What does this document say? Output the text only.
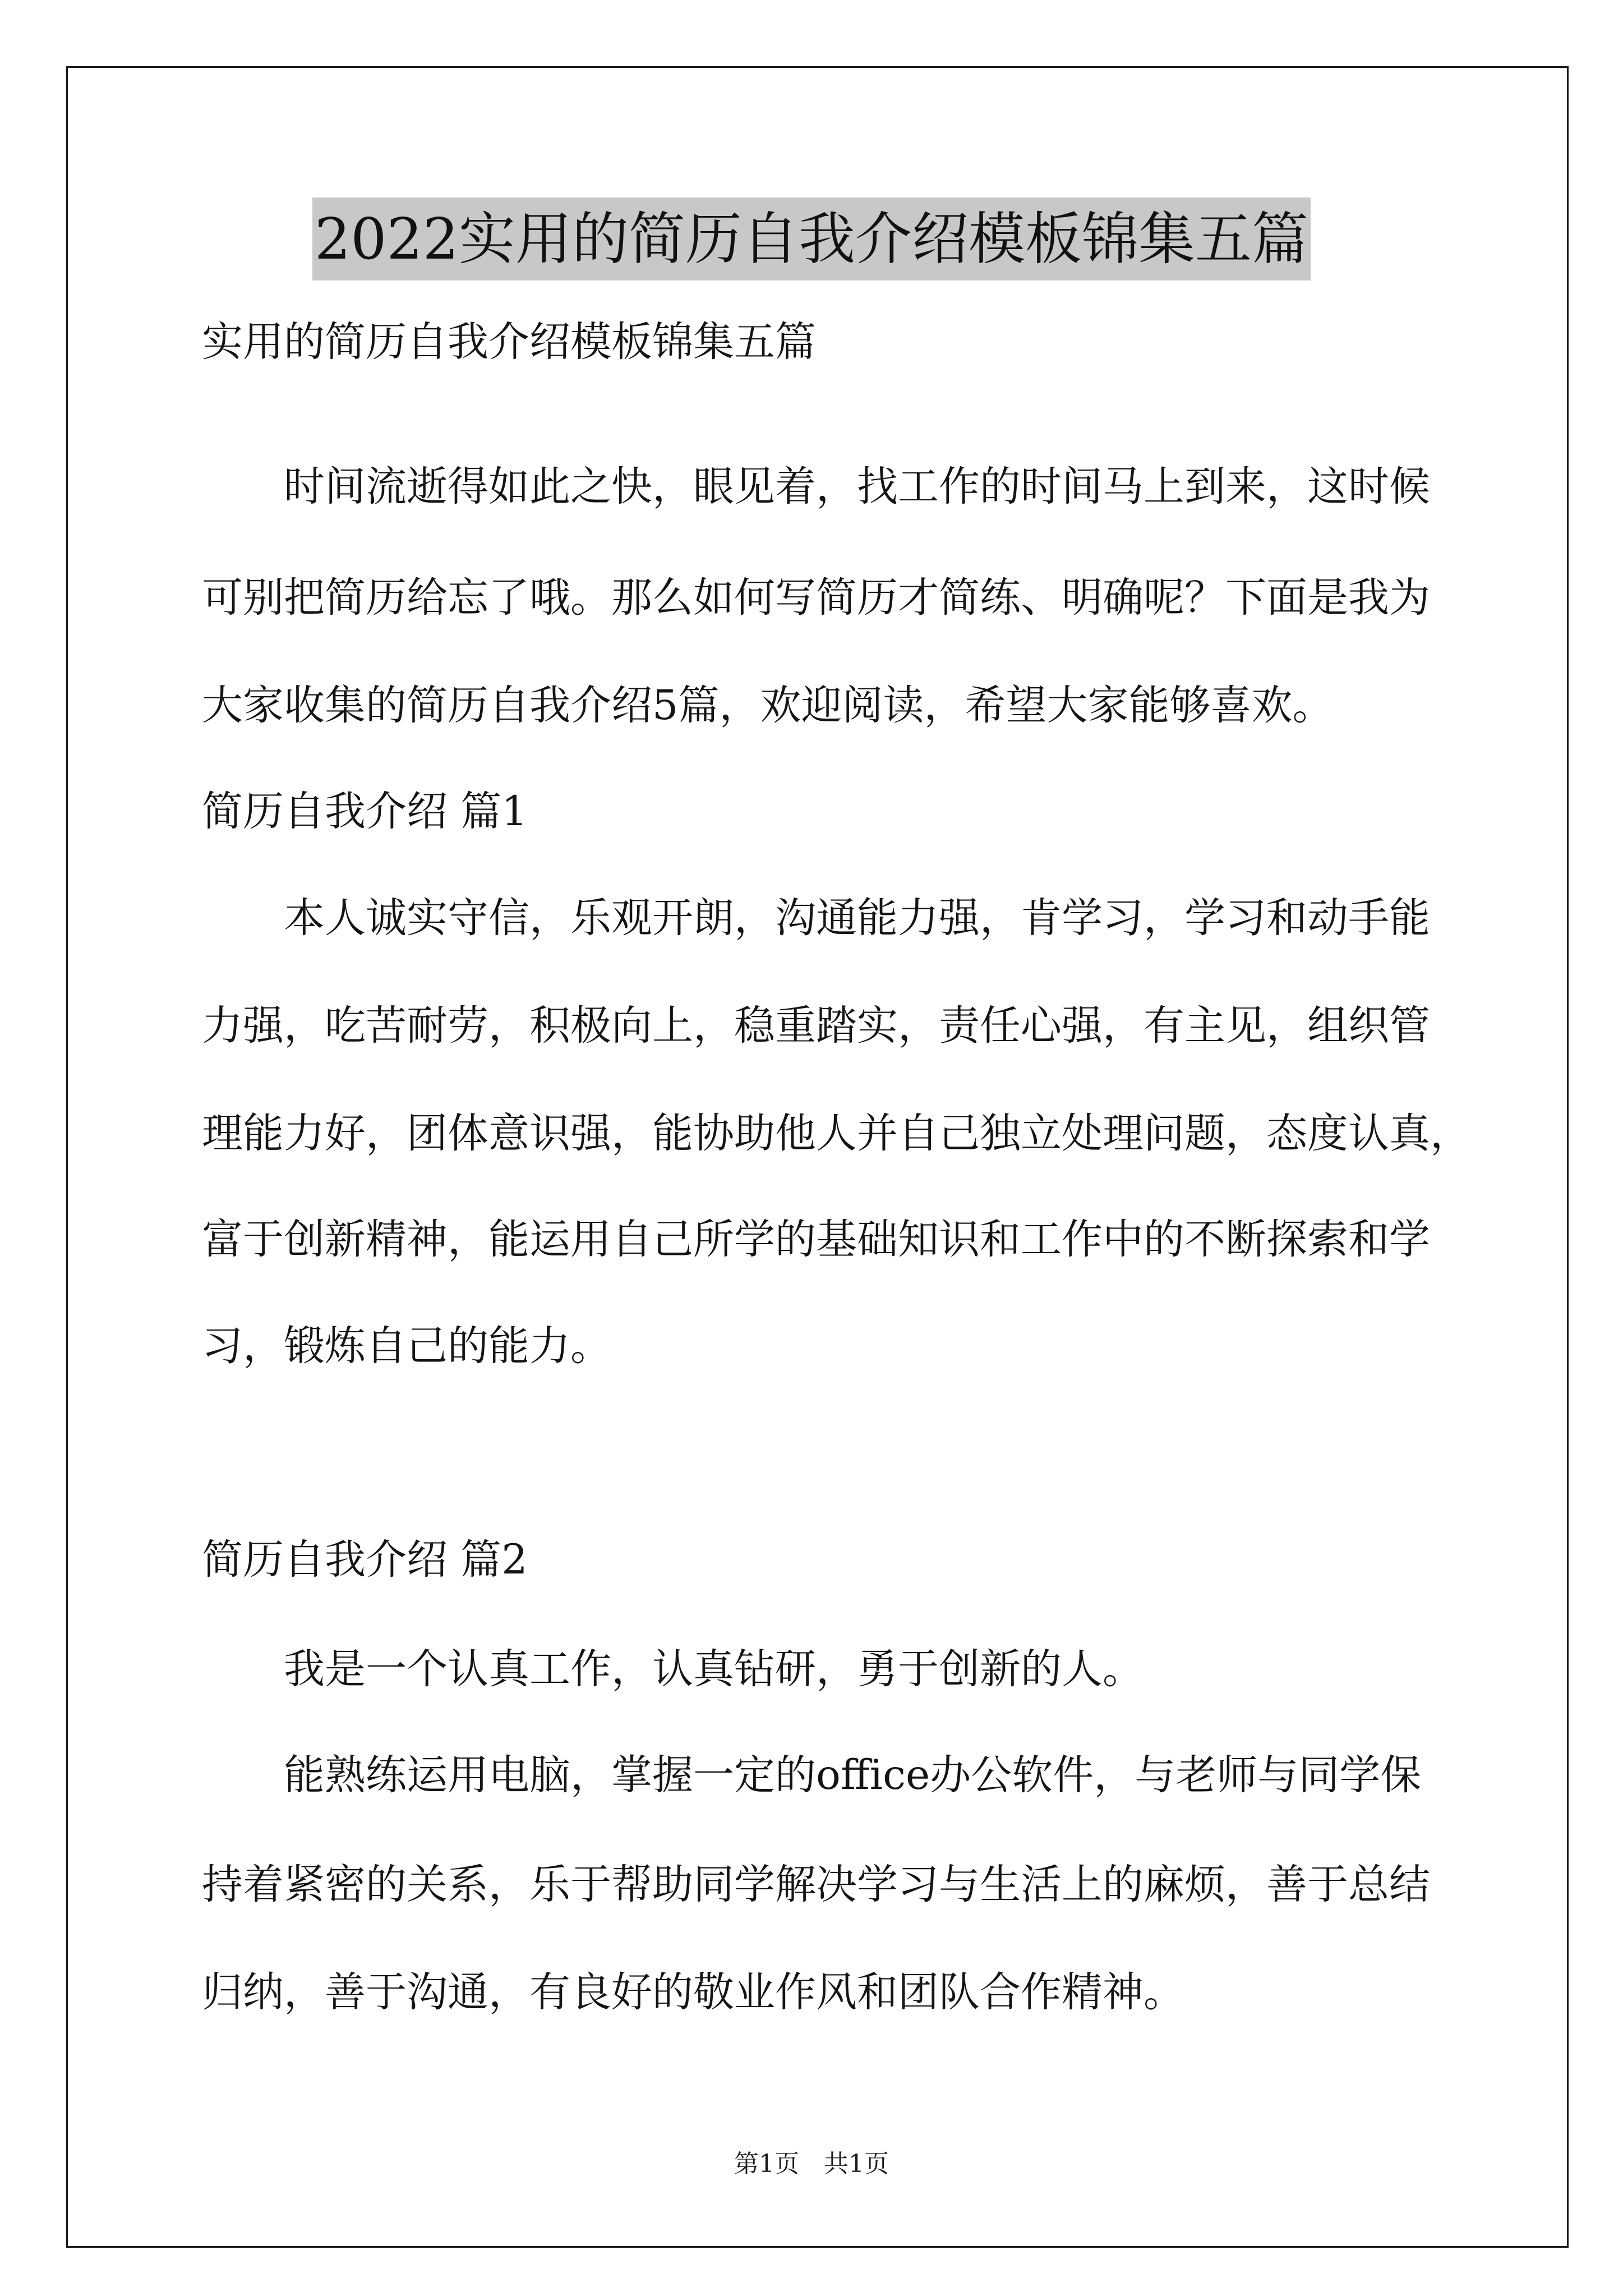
2022实用的简历自我介绍模板锦集五篇
实用的简历自我介绍模板锦集五篇
时间流逝得如此之快，眼见着，找工作的时间马上到来，这时候
可别把简历给忘了哦。那么如何写简历才简练、明确呢？下面是我为
大家收集的简历自我介绍5篇，欢迎阅读，希望大家能够喜欢。
简历自我介绍 篇1
本人诚实守信，乐观开朗，沟通能力强，肯学习，学习和动手能
力强，吃苦耐劳，积极向上，稳重踏实，责任心强，有主见，组织管
理能力好，团体意识强，能协助他人并自己独立处理问题，态度认真，
富于创新精神，能运用自己所学的基础知识和工作中的不断探索和学
习，锻炼自己的能力。
简历自我介绍 篇2
我是一个认真工作，认真钻研，勇于创新的人。
能熟练运用电脑，掌握一定的office办公软件，与老师与同学保
持着紧密的关系，乐于帮助同学解决学习与生活上的麻烦，善于总结
归纳，善于沟通，有良好的敬业作风和团队合作精神。
第1页　共1页
